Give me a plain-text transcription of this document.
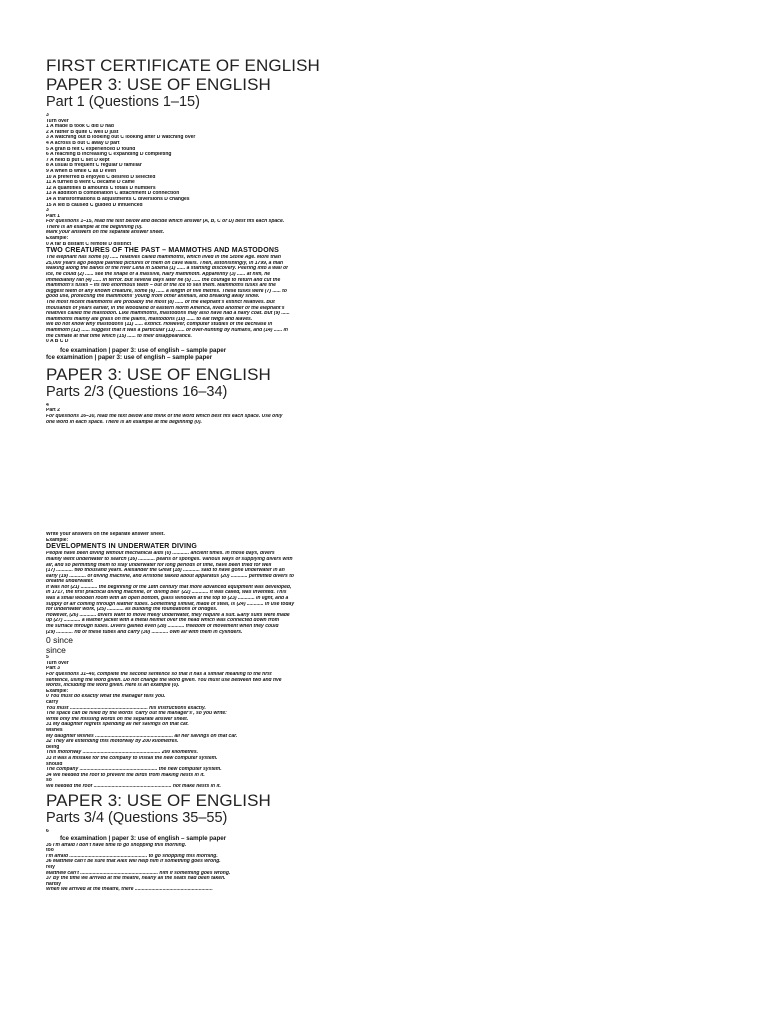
FIRST CERTIFICATE OF ENGLISH
PAPER 3: USE OF ENGLISH
Part 1 (Questions 1–15)
3
Turn over
1 A made B took C did D had
2 A rather B quite C well D just
3 A watching out B looking out C looking after D watching over
4 A across B out C away D part
5 A gran B felt C experienced D found
6 A reaching B increasing C expanding D completing
7 A held B put C set D kept
8 A usual B frequent C regular D familiar
9 A when B while C as D even
10 A preferred B enjoyed C desired D selected
11 A turned B went C became D came
12 A quantities B amounts C totals D numbers
13 A addition B combination C attachment D connection
14 A transformations B adjustments C diversions D changes
15 A led B caused C guided D influenced
3
Part 1
For questions 1–15, read the text below and decide which answer (A, B, C or D) best fits each space.
There is an example at the beginning (0).
Mark your answers on the separate answer sheet.
Example:
0 A far B distant C remote D distinct
TWO CREATURES OF THE PAST – MAMMOTHS AND MASTODONS
The elephant has some (0) ...... relatives called mammoths, which lived in the Stone Age. More than
25,000 years ago people painted pictures of them on cave walls. Then, astonishingly, in 1799, a man
walking along the banks of the river Lena in Siberia (1) ...... a startling discovery. Peering into a wall of
ice, he could (2) ...... see the shape of a massive, hairy mammoth. Apparently (3) ...... at him, he
immediately ran (4) ...... in terror. But several days later he (5) ...... the courage to return and cut the
mammoth's tusks – its two enormous teeth – out of the ice to sell them. Mammoths tusks are the
biggest teeth of any known creature, some (6) ...... a length of five metres. These tusks were (7) ...... to
good use, protecting the mammoths' young from other animals, and breaking away snow.
The most recent mammoths are probably the most (8) ...... of the elephant's extinct relatives. But
thousands of years earlier, in the woodland of eastern North America, lived another of the elephant's
relatives called the mastodon. Like mammoths, mastodons may also have had a hairy coat. But (9) ......
mammoths mainly ate grass on the plains, mastodons (10) ...... to eat twigs and leaves.
We do not know why mastodons (11) ...... extinct. However, computer studies of the decrease in
mammoth (12) ...... suggest that it was a particular (13) ...... of over-hunting by humans, and (14) ...... in
the climate at that time which (15) ...... to their disappearance.
0 A B C D
fce examination | paper 3: use of english – sample paper
fce examination | paper 3: use of english – sample paper
PAPER 3: USE OF ENGLISH
Parts 2/3 (Questions 16–34)
4
Part 2
For questions 16–30, read the text below and think of the word which best fits each space. Use only
one word in each space. There is an example at the beginning (0).
Write your answers on the separate answer sheet.
Example:
DEVELOPMENTS IN UNDERWATER DIVING
People have been diving without mechanical aids (0) ............ ancient times. In those days, divers
mainly went underwater to search (16) ............ pearls or sponges. Various ways of supplying divers with
air, and so permitting them to stay underwater for long periods of time, have been tried for well
(17) ............ two thousand years. Alexander the Great (18) ............ said to have gone underwater in an
early (19) ............ of diving machine, and Aristotle talked about apparatus (20) ............ permitted divers to
breathe underwater.
It was not (21) ............ the beginning of the 18th century that more advanced equipment was developed,
In 1717, the first practical diving machine, or 'diving bell' (22) ............ it was called, was invented. This
was a small wooden room with an open bottom, glass windows at the top to (23) ............ in light, and a
supply of air coming through leather tubes. Something similar, made of steel, is (24) ............ in use today
for underwater work, (25) ............ as building the foundations of bridges.
However, (26) ............ divers want to move freely underwater, they require a suit. Early suits were made
up (27) ............ a leather jacket with a metal helmet over the head which was connected down from
the surface through tubes. Divers gained even (28) ............ freedom of movement when they could
(29) ............ rid of these tubes and carry (30) ............ own air with them in cylinders.
0 since
since
5
Turn over
Part 3
For questions 31–40, complete the second sentence so that it has a similar meaning to the first
sentence, using the word given. Do not change the word given. You must use between two and five
words, including the word given. Here is an example (0).
Example:
0 You must do exactly what the manager tells you.
carry
You must ........................................................ his instructions exactly.
The space can be filled by the words 'carry out the manager's', so you write:
Write only the missing words on the separate answer sheet.
31 My daughter regrets spending all her savings on that car.
wishes
My daughter wishes ........................................................ all her savings on that car.
32 They are extending this motorway by 200 kilometres.
being
This motorway ........................................................ 200 kilometres.
33 It was a mistake for the company to install the new computer system.
should
The company ........................................................ the new computer system.
34 We needed the roof to prevent the birds from making nests in it.
so
We needed the roof ........................................................ not make nests in it.
PAPER 3: USE OF ENGLISH
Parts 3/4 (Questions 35–55)
6
fce examination | paper 3: use of english – sample paper
35 I'm afraid I don't have time to go shopping this morning.
too
I'm afraid ........................................................ to go shopping this morning.
36 Matthew can't be sure that Alex will help him if something goes wrong.
rely
Matthew can't ........................................................ him if something goes wrong.
37 By the time we arrived at the theatre, nearly all the seats had been taken.
hardly
When we arrived at the theatre, there ........................................................
